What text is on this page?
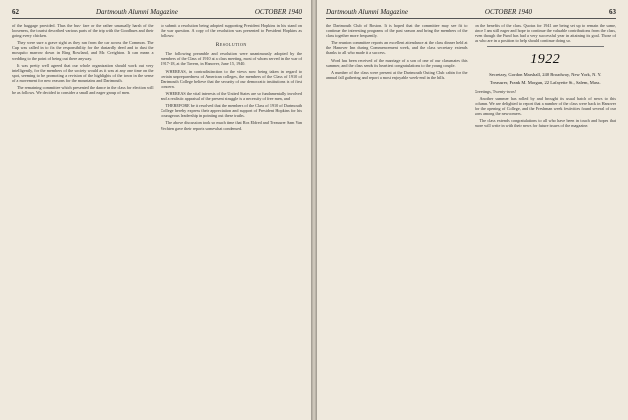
62	Dartmouth Alumni Magazine	OCTOBER 1940

of the baggage provided. Thus the bus- fare or the rather unusually harsh of the looseness, the tourist described various parts of the trip with the Goodhues and their going every chicken.

They were sure a grave sight as they ran from the car across the Common. The Cup was called in to fix the responsibility for the dastardly deed and to dust the mosquito marrow down in Ring Rowland, and Mr. Creighton. It can mean a wedding to the point of being out there anyway.

It was pretty well agreed that our whole organization should work out very intelligently, for the members of the society would as it was at any one time on the spot, seeming to be promoting a revision of the highlights of the town in the sense of a movement for new reasons for the mountains and Dartmouth.

The remaining committee which presented the dance in the class for election will be as follows. We decided to consider a small and eager group of men.

to submit a resolution being adopted supporting President Hopkins in his stand on the war question. A copy of the resolution was presented to President Hopkins as follows:

Resolution

The following preamble and resolution were unanimously adopted by the members of the Class of 1910 at a class meeting, most of whom served in the war of 1917-18, at the Tavern, in Hanover, June 15, 1940.

WHEREAS, in contradistinction to the views now being taken in regard to certain unpreparedness of American colleges, the members of the Class of 1910 of Dartmouth College believe that the security of our democratic institutions is of first concern.

WHEREAS the vital interests of the United States are so fundamentally involved and a realistic appraisal of the present struggle is a necessity of free men, and

THEREFORE be it resolved that the members of the Class of 1910 of Dartmouth College hereby express their appreciation and support of President Hopkins for his courageous leadership in pointing out these truths.

The above discussion took so much time that Ros Eldred and Treasurer Sam Van Vechten gave their reports somewhat condensed.

Dartmouth Alumni Magazine	OCTOBER 1940	63

the Dartmouth Club of Boston. It is hoped that the committee may see fit to continue the interesting programs of the past season and bring the members of the class together more frequently.

The reunion committee reports an excellent attendance at the class dinner held at the Hanover Inn during Commencement week, and the class secretary extends thanks to all who made it a success.

Word has been received of the marriage of a son of one of our classmates this summer, and the class sends its heartiest congratulations to the young couple.

A number of the class were present at the Dartmouth Outing Club cabin for the annual fall gathering and report a most enjoyable week-end in the hills.

on the benefits of the class. Quotas for 1941 are being set up to remain the same, since I am still eager and hope to continue the valuable contributions from the class, even though the Fund has had a very successful year in attaining its goal. Those of us who are in a position to help should continue doing so.

1922
Secretary, Gordon Marshall, 240 Broadway, New York, N. Y.
Treasurer, Frank M. Morgan, 22 Lafayette St., Salem, Mass.

Greetings, Twenty-twos!

Another summer has rolled by and brought its usual batch of news to this column. We are delighted to report that a number of the class were back in Hanover for the opening of College, and the Freshman week festivities found several of our sons among the newcomers.

The class extends congratulations to all who have been in touch and hopes that more will write in with their news for future issues of the magazine.
